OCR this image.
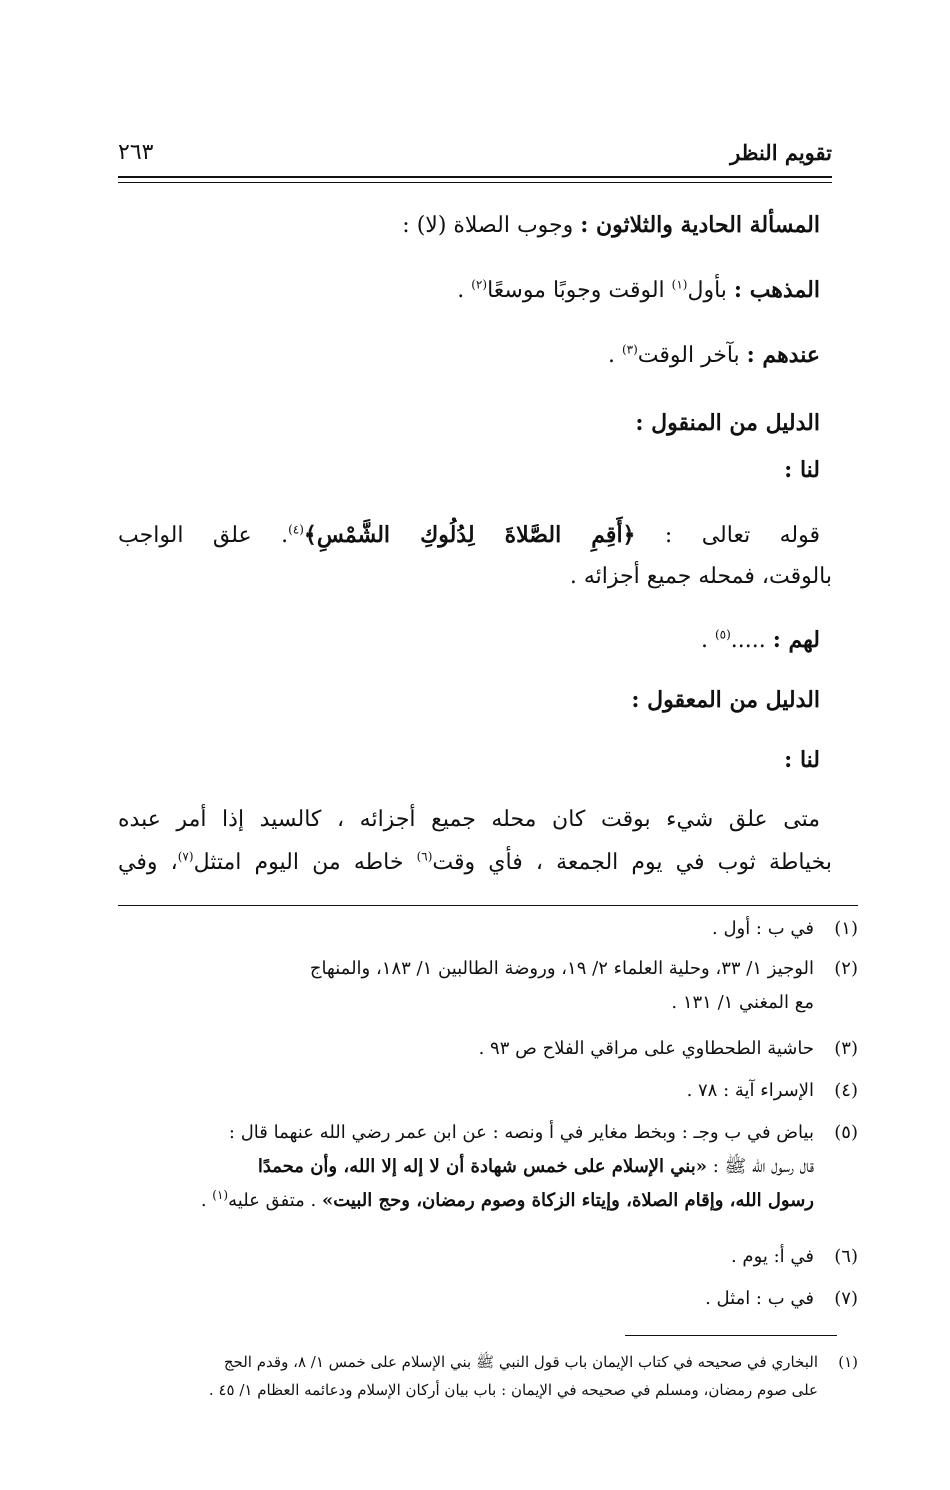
تقويم النظر
٢٦٣
المسألة الحادية والثلاثون : وجوب الصلاة (لا) :
المذهب : بأول$^{(١)}$ الوقت وجوبًا موسعًا$^{(٢)}$ .
عندهم : بآخر الوقت$^{(٣)}$ .
الدليل من المنقول :
لنا :
قوله تعالى : ﴿أَقِمِ الصَّلاةَ لِدُلُوكِ الشَّمْسِ﴾$^{(٤)}$. علق الواجب
بالوقت، فمحله جميع أجزائه .
لهم : .....$^{(٥)}$ .
الدليل من المعقول :
لنا :
متى علق شيء بوقت كان محله جميع أجزائه ، كالسيد إذا أمر عبده
بخياطة ثوب في يوم الجمعة ، فأي وقت$^{(٦)}$ خاطه من اليوم امتثل$^{(٧)}$، وفي
(١)
في ب : أول .
(٢)
الوجيز ١/ ٣٣، وحلية العلماء ٢/ ١٩، وروضة الطالبين ١/ ١٨٣، والمنهاج
مع المغني ١/ ١٣١ .
(٣)
حاشية الطحطاوي على مراقي الفلاح ص ٩٣ .
(٤)
الإسراء آية : ٧٨ .
(٥)
بياض في ب وجـ : وبخط مغاير في أ ونصه : عن ابن عمر رضي الله عنهما قال :
قال رسول الله ﷺ : «بني الإسلام على خمس شهادة أن لا إله إلا الله، وأن محمدًا
رسول الله، وإقام الصلاة، وإيتاء الزكاة وصوم رمضان، وحج البيت» . متفق عليه$^{(١)}$ .
(٦)
في أ: يوم .
(٧)
في ب : امثل .
(١)
البخاري في صحيحه في كتاب الإيمان باب قول النبي ﷺ بني الإسلام على خمس ١/ ٨، وقدم الحج
على صوم رمضان، ومسلم في صحيحه في الإيمان : باب بيان أركان الإسلام ودعائمه العظام ١/ ٤٥ .
